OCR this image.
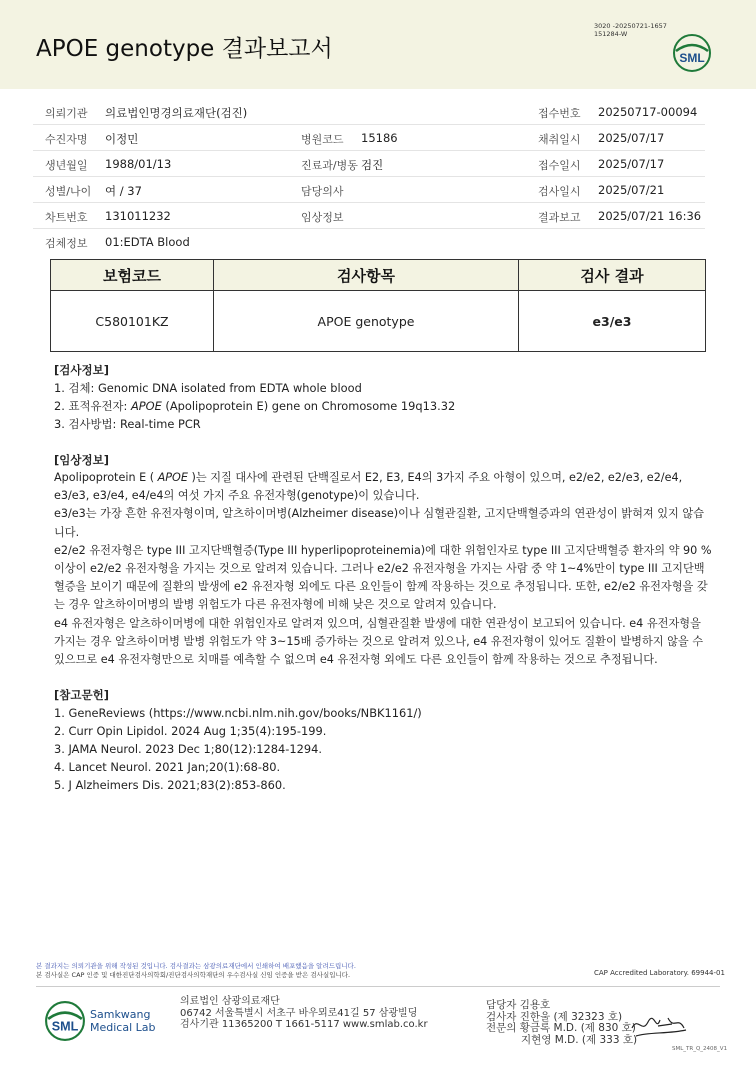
APOE genotype 결과보고서
3020 -20250721-1657
151284-W
SML
의뢰기관 의료법인명경의료재단(검진)	접수번호 20250717-00094
수진자명 이정민	병원코드 15186	채취일시 2025/07/17
생년월일 1988/01/13	진료과/병동 검진	접수일시 2025/07/17
성별/나이 여 / 37	담당의사	검사일시 2025/07/21
차트번호 131011232	임상정보	결과보고 2025/07/21 16:36
검체정보 01:EDTA Blood
보험코드	검사항목	검사 결과
C580101KZ	APOE genotype	e3/e3
[검사정보]

1. 검체: Genomic DNA isolated from EDTA whole blood

2. 표적유전자: APOE (Apolipoprotein E) gene on Chromosome 19q13.32

3. 검사방법: Real-time PCR

[임상정보]

Apolipoprotein E ( APOE )는 지질 대사에 관련된 단백질로서 E2, E3, E4의 3가지 주요 아형이 있으며, e2/e2, e2/e3, e2/e4, e3/e3, e3/e4, e4/e4의 여섯 가지 주요 유전자형(genotype)이 있습니다.

e3/e3는 가장 흔한 유전자형이며, 알츠하이머병(Alzheimer disease)이나 심혈관질환, 고지단백혈증과의 연관성이 밝혀져 있지 않습니다.

e2/e2 유전자형은 type III 고지단백혈증(Type III hyperlipoproteinemia)에 대한 위험인자로 type III 고지단백혈증 환자의 약 90 % 이상이 e2/e2 유전자형을 가지는 것으로 알려져 있습니다. 그러나 e2/e2 유전자형을 가지는 사람 중 약 1~4%만이 type III 고지단백혈증을 보이기 때문에 질환의 발생에 e2 유전자형 외에도 다른 요인들이 함께 작용하는 것으로 추정됩니다. 또한, e2/e2 유전자형을 갖는 경우 알츠하이머병의 발병 위험도가 다른 유전자형에 비해 낮은 것으로 알려져 있습니다.

e4 유전자형은 알츠하이머병에 대한 위험인자로 알려져 있으며, 심혈관질환 발생에 대한 연관성이 보고되어 있습니다. e4 유전자형을 가지는 경우 알츠하이머병 발병 위험도가 약 3~15배 증가하는 것으로 알려져 있으나, e4 유전자형이 있어도 질환이 발병하지 않을 수 있으므로 e4 유전자형만으로 치매를 예측할 수 없으며 e4 유전자형 외에도 다른 요인들이 함께 작용하는 것으로 추정됩니다.

[참고문헌]

1. GeneReviews (https://www.ncbi.nlm.nih.gov/books/NBK1161/)

2. Curr Opin Lipidol. 2024 Aug 1;35(4):195-199.

3. JAMA Neurol. 2023 Dec 1;80(12):1284-1294.

4. Lancet Neurol. 2021 Jan;20(1):68-80.

5. J Alzheimers Dis. 2021;83(2):853-860.

본 결과지는 의뢰기관을 위해 작성된 것입니다. 검사결과는 삼광의료재단에서 인쇄하여 배포했음을 알려드립니다.
본 검사실은 CAP 인증 및 대한진단검사의학회/진단검사의학재단의 우수검사실 신임 인증을 받은 검사실입니다.	CAP Accredited Laboratory. 69944-01
SML
Samkwang
Medical Lab
의료법인 삼광의료재단
06742 서울특별시 서초구 바우뫼로41길 57 삼광빌딩
검사기관 11365200 T 1661-5117 www.smlab.co.kr
담당자 김용호
검사자 진한울 (제 32323 호)
전문의 황금록 M.D. (제 830 호)
지현영 M.D. (제 333 호)
SML_TR_Q_2408_V1
